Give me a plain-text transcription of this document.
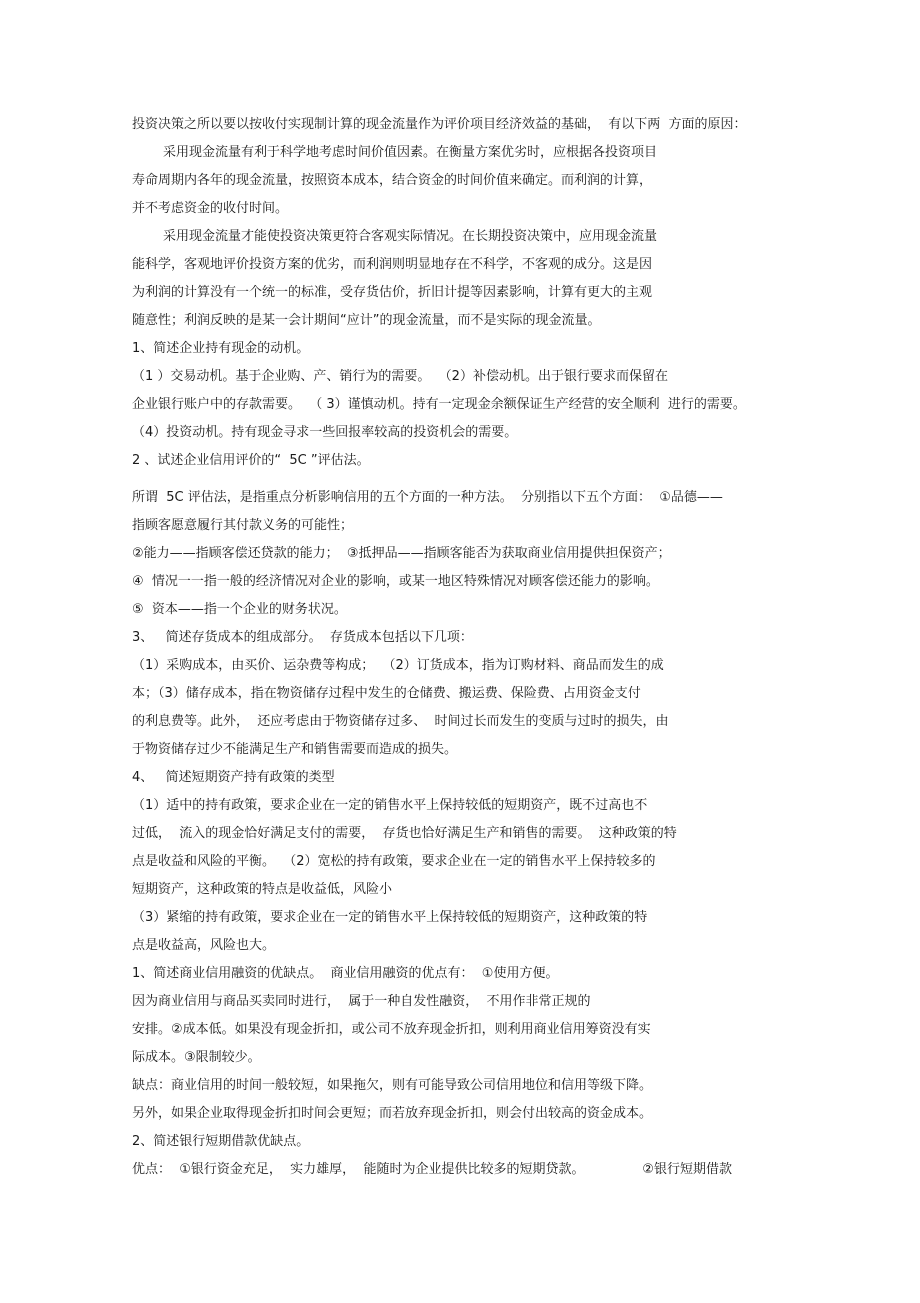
投资决策之所以要以按收付实现制计算的现金流量作为评价项目经济效益的基础，  有以下两  方面的原因：
采用现金流量有利于科学地考虑时间价值因素。在衡量方案优劣时，应根据各投资项目
寿命周期内各年的现金流量，按照资本成本，结合资金的时间价值来确定。而利润的计算，
并不考虑资金的收付时间。
采用现金流量才能使投资决策更符合客观实际情况。在长期投资决策中，应用现金流量
能科学，客观地评价投资方案的优劣，而利润则明显地存在不科学，不客观的成分。这是因
为利润的计算没有一个统一的标准，受存货估价，折旧计提等因素影响，计算有更大的主观
随意性；利润反映的是某一会计期间“应计”的现金流量，而不是实际的现金流量。
1、简述企业持有现金的动机。
（1 ）交易动机。基于企业购、产、销行为的需要。  （2）补偿动机。出于银行要求而保留在
企业银行账户中的存款需要。  （ 3）谨慎动机。持有一定现金余额保证生产经营的安全顺利  进行的需要。
（4）投资动机。持有现金寻求一些回报率较高的投资机会的需要。
2 、试述企业信用评价的“  5C ”评估法。
所谓  5C 评估法，是指重点分析影响信用的五个方面的一种方法。  分别指以下五个方面：  ①品德——
指顾客愿意履行其付款义务的可能性；
②能力——指顾客偿还贷款的能力；  ③抵押品——指顾客能否为获取商业信用提供担保资产；
④  情况一一指一般的经济情况对企业的影响，或某一地区特殊情况对顾客偿还能力的影响。
⑤  资本——指一个企业的财务状况。
3、   简述存货成本的组成部分。  存货成本包括以下几项：
（1）采购成本，由买价、运杂费等构成；  （2）订货成本，指为订购材料、商品而发生的成
本；（3）储存成本，指在物资储存过程中发生的仓储费、搬运费、保险费、占用资金支付
的利息费等。此外，  还应考虑由于物资储存过多、  时间过长而发生的变质与过时的损失，由
于物资储存过少不能满足生产和销售需要而造成的损失。
4、   简述短期资产持有政策的类型
（1）适中的持有政策，要求企业在一定的销售水平上保持较低的短期资产，既不过高也不
过低，  流入的现金恰好满足支付的需要，  存货也恰好满足生产和销售的需要。  这种政策的特
点是收益和风险的平衡。  （2）宽松的持有政策，要求企业在一定的销售水平上保持较多的
短期资产，这种政策的特点是收益低，风险小
（3）紧缩的持有政策，要求企业在一定的销售水平上保持较低的短期资产，这种政策的特
点是收益高，风险也大。
1、简述商业信用融资的优缺点。  商业信用融资的优点有：  ①使用方便。
因为商业信用与商品买卖同时进行，  属于一种自发性融资，  不用作非常正规的
安排。②成本低。如果没有现金折扣，或公司不放弃现金折扣，则利用商业信用筹资没有实
际成本。③限制较少。
缺点：商业信用的时间一般较短，如果拖欠，则有可能导致公司信用地位和信用等级下降。
另外，如果企业取得现金折扣时间会更短；而若放弃现金折扣，则会付出较高的资金成本。
2、简述银行短期借款优缺点。
优点：  ①银行资金充足，  实力雄厚，  能随时为企业提供比较多的短期贷款。              ②银行短期借款
